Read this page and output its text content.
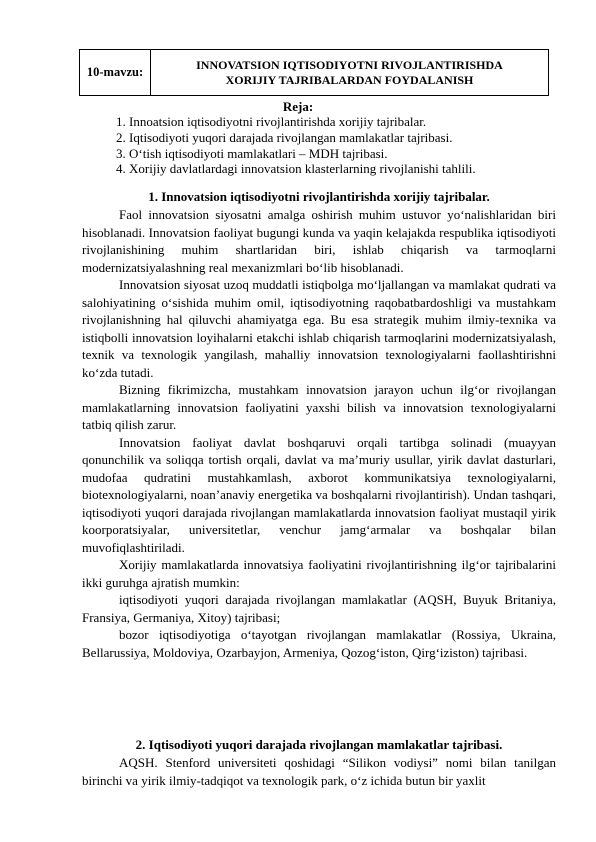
10-mavzu:
INNOVATSION IQTISODIYOTNI RIVOJLANTIRISHDA
XORIJIY TAJRIBALARDAN FOYDALANISH
Reja:
1. Innoatsion iqtisodiyotni rivojlantirishda xorijiy tajribalar.
2. Iqtisodiyoti yuqori darajada rivojlangan mamlakatlar tajribasi.
3. O‘tish iqtisodiyoti mamlakatlari – MDH tajribasi.
4. Xorijiy davlatlardagi innovatsion klasterlarning rivojlanishi tahlili.
1. Innovatsion iqtisodiyotni rivojlantirishda xorijiy tajribalar.

Faol innovatsion siyosatni amalga oshirish muhim ustuvor yo‘nalishlaridan biri hisoblanadi. Innovatsion faoliyat bugungi kunda va yaqin kelajakda respublika iqtisodiyoti rivojlanishining muhim shartlaridan biri, ishlab chiqarish va tarmoqlarni modernizatsiyalashning real mexanizmlari bo‘lib hisoblanadi.

Innovatsion siyosat uzoq muddatli istiqbolga mo‘ljallangan va mamlakat qudrati va salohiyatining o‘sishida muhim omil, iqtisodiyotning raqobatbardoshligi va mustahkam rivojlanishning hal qiluvchi ahamiyatga ega. Bu esa strategik muhim ilmiy-texnika va istiqbolli innovatsion loyihalarni etakchi ishlab chiqarish tarmoqlarini modernizatsiyalash, texnik va texnologik yangilash, mahalliy innovatsion texnologiyalarni faollashtirishni ko‘zda tutadi.

Bizning fikrimizcha, mustahkam innovatsion jarayon uchun ilg‘or rivojlangan mamlakatlarning innovatsion faoliyatini yaxshi bilish va innovatsion texnologiyalarni tatbiq qilish zarur.

Innovatsion faoliyat davlat boshqaruvi orqali tartibga solinadi (muayyan qonunchilik va soliqqa tortish orqali, davlat va ma’muriy usullar, yirik davlat dasturlari, mudofaa qudratini mustahkamlash, axborot kommunikatsiya texnologiyalarni, biotexnologiyalarni, noan’anaviy energetika va boshqalarni rivojlantirish). Undan tashqari, iqtisodiyoti yuqori darajada rivojlangan mamlakatlarda innovatsion faoliyat mustaqil yirik koorporatsiyalar, universitetlar, venchur jamg‘armalar va boshqalar bilan muvofiqlashtiriladi.

Xorijiy mamlakatlarda innovatsiya faoliyatini rivojlantirishning ilg‘or tajribalarini ikki guruhga ajratish mumkin:

iqtisodiyoti yuqori darajada rivojlangan mamlakatlar (AQSH, Buyuk Britaniya, Fransiya, Germaniya, Xitoy) tajribasi;

bozor iqtisodiyotiga o‘tayotgan rivojlangan mamlakatlar (Rossiya, Ukraina, Bellarussiya, Moldoviya, Ozarbayjon, Armeniya, Qozog‘iston, Qirg‘iziston) tajribasi.

2. Iqtisodiyoti yuqori darajada rivojlangan mamlakatlar tajribasi.

AQSH. Stenford universiteti qoshidagi “Silikon vodiysi” nomi bilan tanilgan birinchi va yirik ilmiy-tadqiqot va texnologik park, o‘z ichida butun bir yaxlit
